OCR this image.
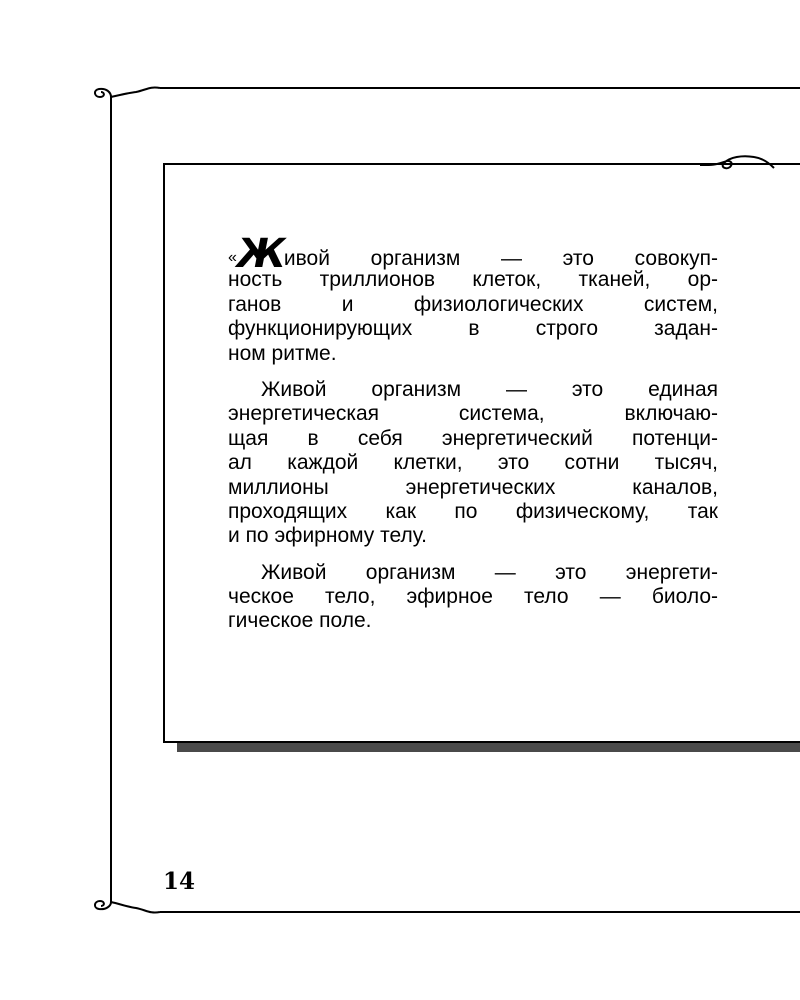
«Живой организм — это совокуп-
ность триллионов клеток, тканей, ор-
ганов и физиологических систем,
функционирующих в строго задан-
ном ритме.

Живой организм — это единая
энергетическая система, включаю-
щая в себя энергетический потенци-
ал каждой клетки, это сотни тысяч,
миллионы энергетических каналов,
проходящих как по физическому, так
и по эфирному телу.

Живой организм — это энергети-
ческое тело, эфирное тело — биоло-
гическое поле.

14
